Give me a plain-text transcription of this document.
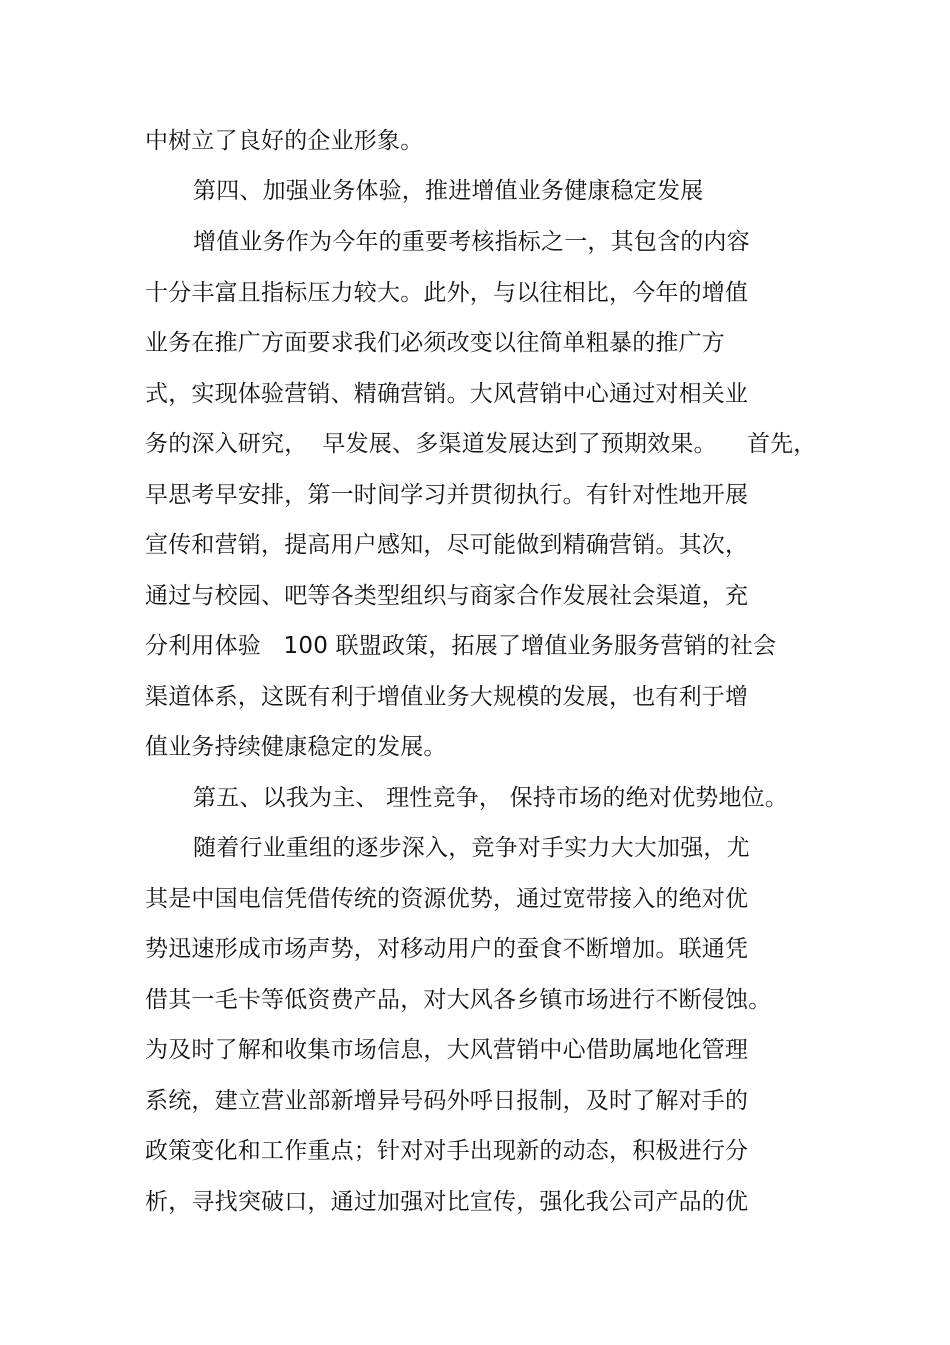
中树立了良好的企业形象。
第四、加强业务体验，推进增值业务健康稳定发展
增值业务作为今年的重要考核指标之一，其包含的内容
十分丰富且指标压力较大。此外，与以往相比，今年的增值
业务在推广方面要求我们必须改变以往简单粗暴的推广方
式，实现体验营销、精确营销。大风营销中心通过对相关业
务的深入研究，  早发展、多渠道发展达到了预期效果。    首先，
早思考早安排，第一时间学习并贯彻执行。有针对性地开展
宣传和营销，提高用户感知，尽可能做到精确营销。其次，
通过与校园、吧等各类型组织与商家合作发展社会渠道，充
分利用体验   100 联盟政策，拓展了增值业务服务营销的社会
渠道体系，这既有利于增值业务大规模的发展，也有利于增
值业务持续健康稳定的发展。
第五、以我为主、 理性竞争， 保持市场的绝对优势地位。
随着行业重组的逐步深入，竞争对手实力大大加强，尤
其是中国电信凭借传统的资源优势，通过宽带接入的绝对优
势迅速形成市场声势，对移动用户的蚕食不断增加。联通凭
借其一毛卡等低资费产品，对大风各乡镇市场进行不断侵蚀。
为及时了解和收集市场信息，大风营销中心借助属地化管理
系统，建立营业部新增异号码外呼日报制，及时了解对手的
政策变化和工作重点；针对对手出现新的动态，积极进行分
析，寻找突破口，通过加强对比宣传，强化我公司产品的优
